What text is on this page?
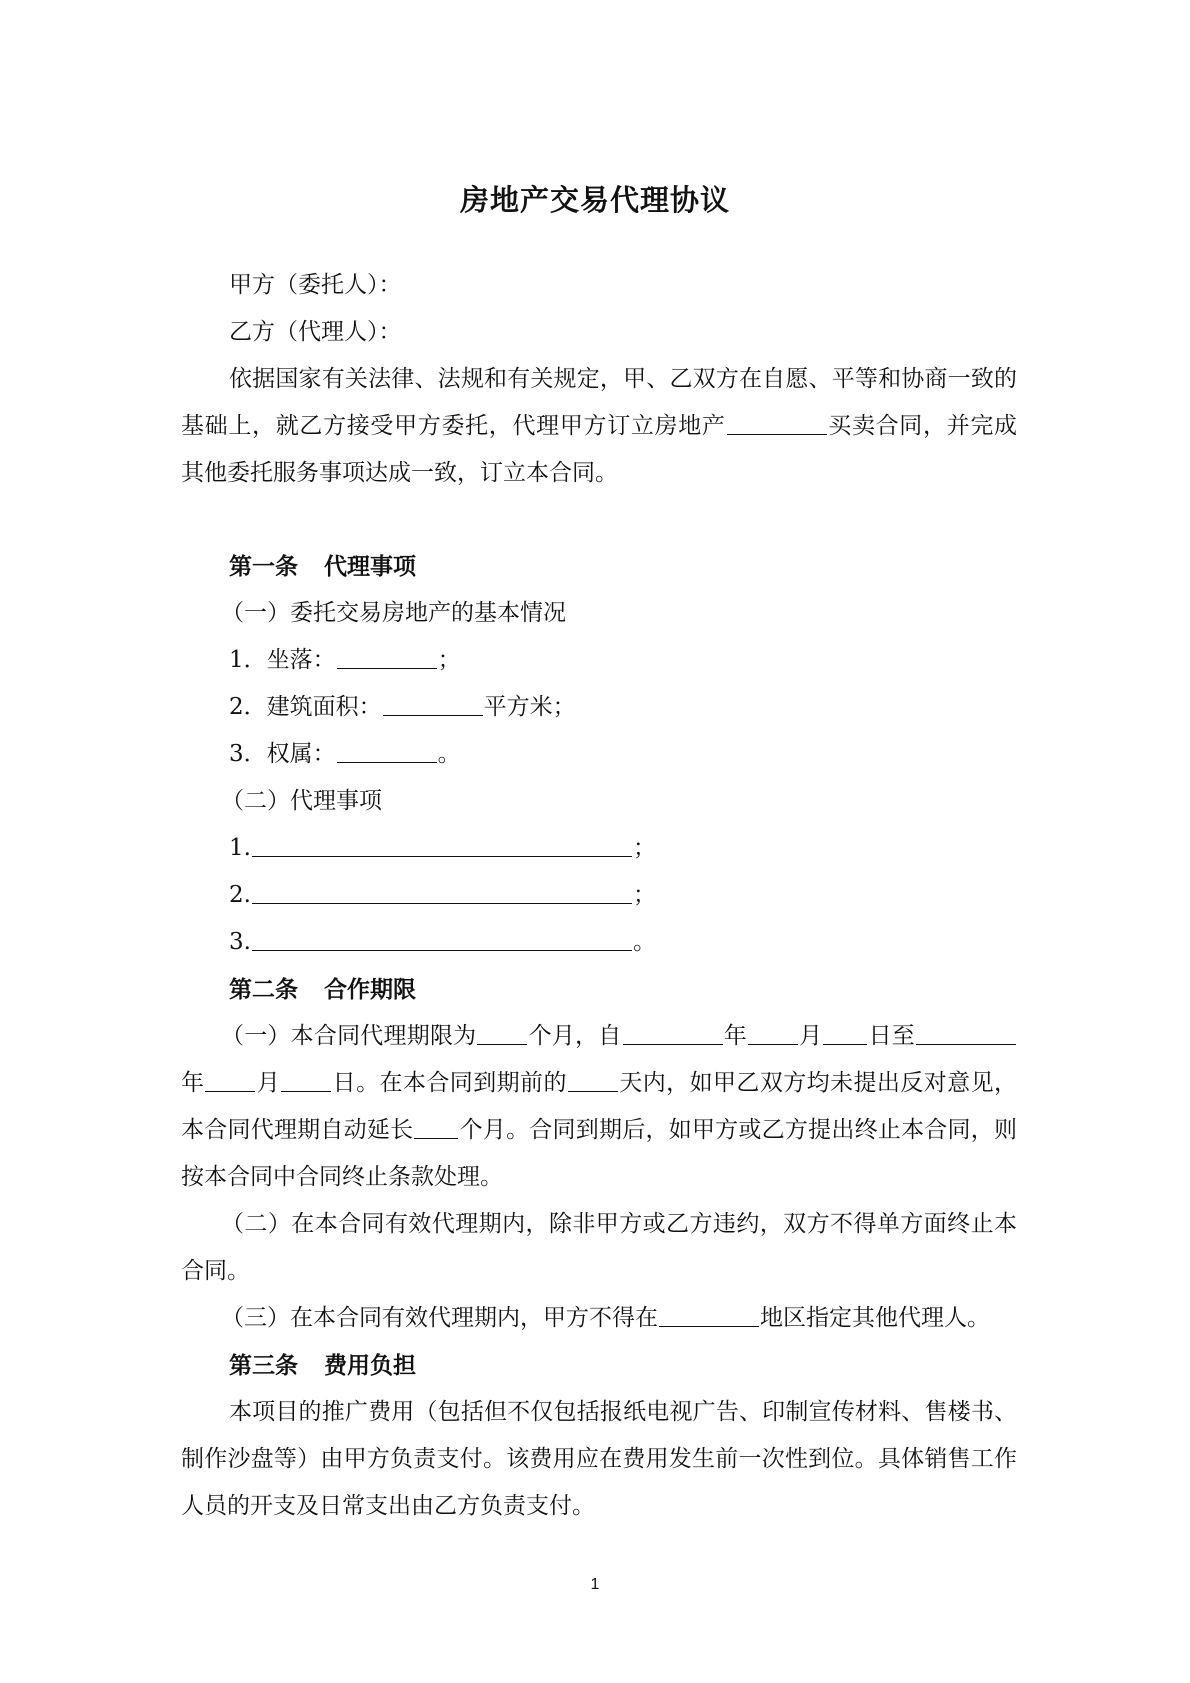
房地产交易代理协议

甲方（委托人）：

乙方（代理人）：

依据国家有关法律、法规和有关规定，甲、乙双方在自愿、平等和协商一致的基础上，就乙方接受甲方委托，代理甲方订立房地产	买卖合同，并完成其他委托服务事项达成一致，订立本合同。

第一条 代理事项

（一）委托交易房地产的基本情况

1．坐落：	；

2．建筑面积：	平方米；

3．权属：	。

（二）代理事项

1.	；

2.	；

3.	。

第二条 合作期限

（一）本合同代理期限为 个月，自	年 月 日至年 月 日。在本合同到期前的 天内，如甲乙双方均未提出反对意见，本合同代理期自动延长 个月。合同到期后，如甲方或乙方提出终止本合同，则按本合同中合同终止条款处理。

（二）在本合同有效代理期内，除非甲方或乙方违约，双方不得单方面终止本合同。

（三）在本合同有效代理期内，甲方不得在	地区指定其他代理人。

第三条 费用负担

本项目的推广费用（包括但不仅包括报纸电视广告、印制宣传材料、售楼书、制作沙盘等）由甲方负责支付。该费用应在费用发生前一次性到位。具体销售工作人员的开支及日常支出由乙方负责支付。

1
